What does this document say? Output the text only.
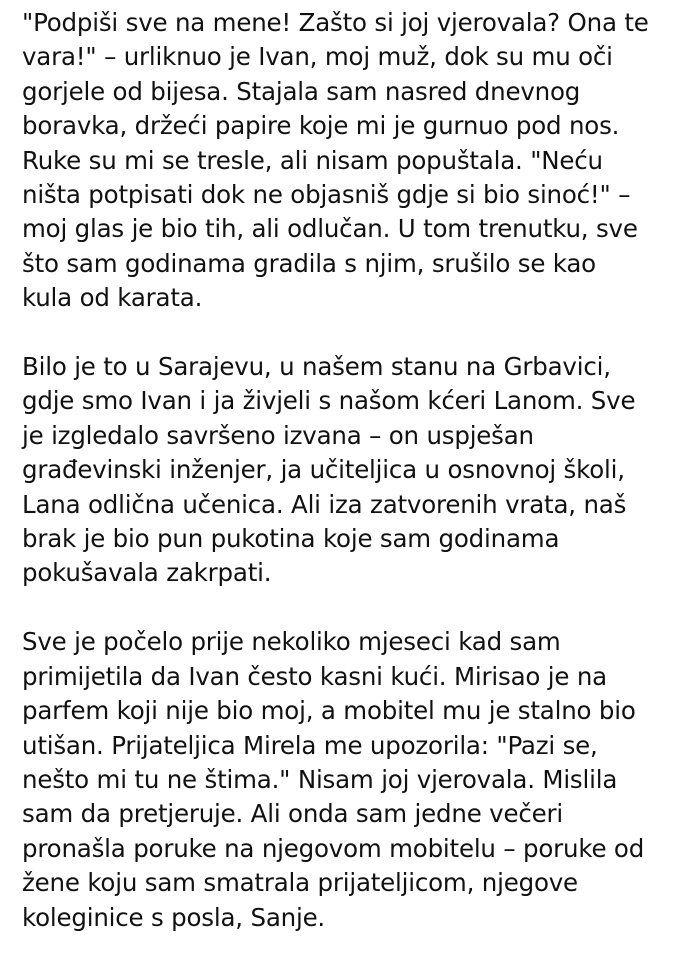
"Podpiši sve na mene! Zašto si joj vjerovala? Ona te
vara!" – urliknuo je Ivan, moj muž, dok su mu oči
gorjele od bijesa. Stajala sam nasred dnevnog
boravka, držeći papire koje mi je gurnuo pod nos.
Ruke su mi se tresle, ali nisam popuštala. "Neću
ništa potpisati dok ne objasniš gdje si bio sinoć!" –
moj glas je bio tih, ali odlučan. U tom trenutku, sve
što sam godinama gradila s njim, srušilo se kao
kula od karata.

Bilo je to u Sarajevu, u našem stanu na Grbavici,
gdje smo Ivan i ja živjeli s našom kćeri Lanom. Sve
je izgledalo savršeno izvana – on uspješan
građevinski inženjer, ja učiteljica u osnovnoj školi,
Lana odlična učenica. Ali iza zatvorenih vrata, naš
brak je bio pun pukotina koje sam godinama
pokušavala zakrpati.

Sve je počelo prije nekoliko mjeseci kad sam
primijetila da Ivan često kasni kući. Mirisao je na
parfem koji nije bio moj, a mobitel mu je stalno bio
utišan. Prijateljica Mirela me upozorila: "Pazi se,
nešto mi tu ne štima." Nisam joj vjerovala. Mislila
sam da pretjeruje. Ali onda sam jedne večeri
pronašla poruke na njegovom mobitelu – poruke od
žene koju sam smatrala prijateljicom, njegove
koleginice s posla, Sanje.
